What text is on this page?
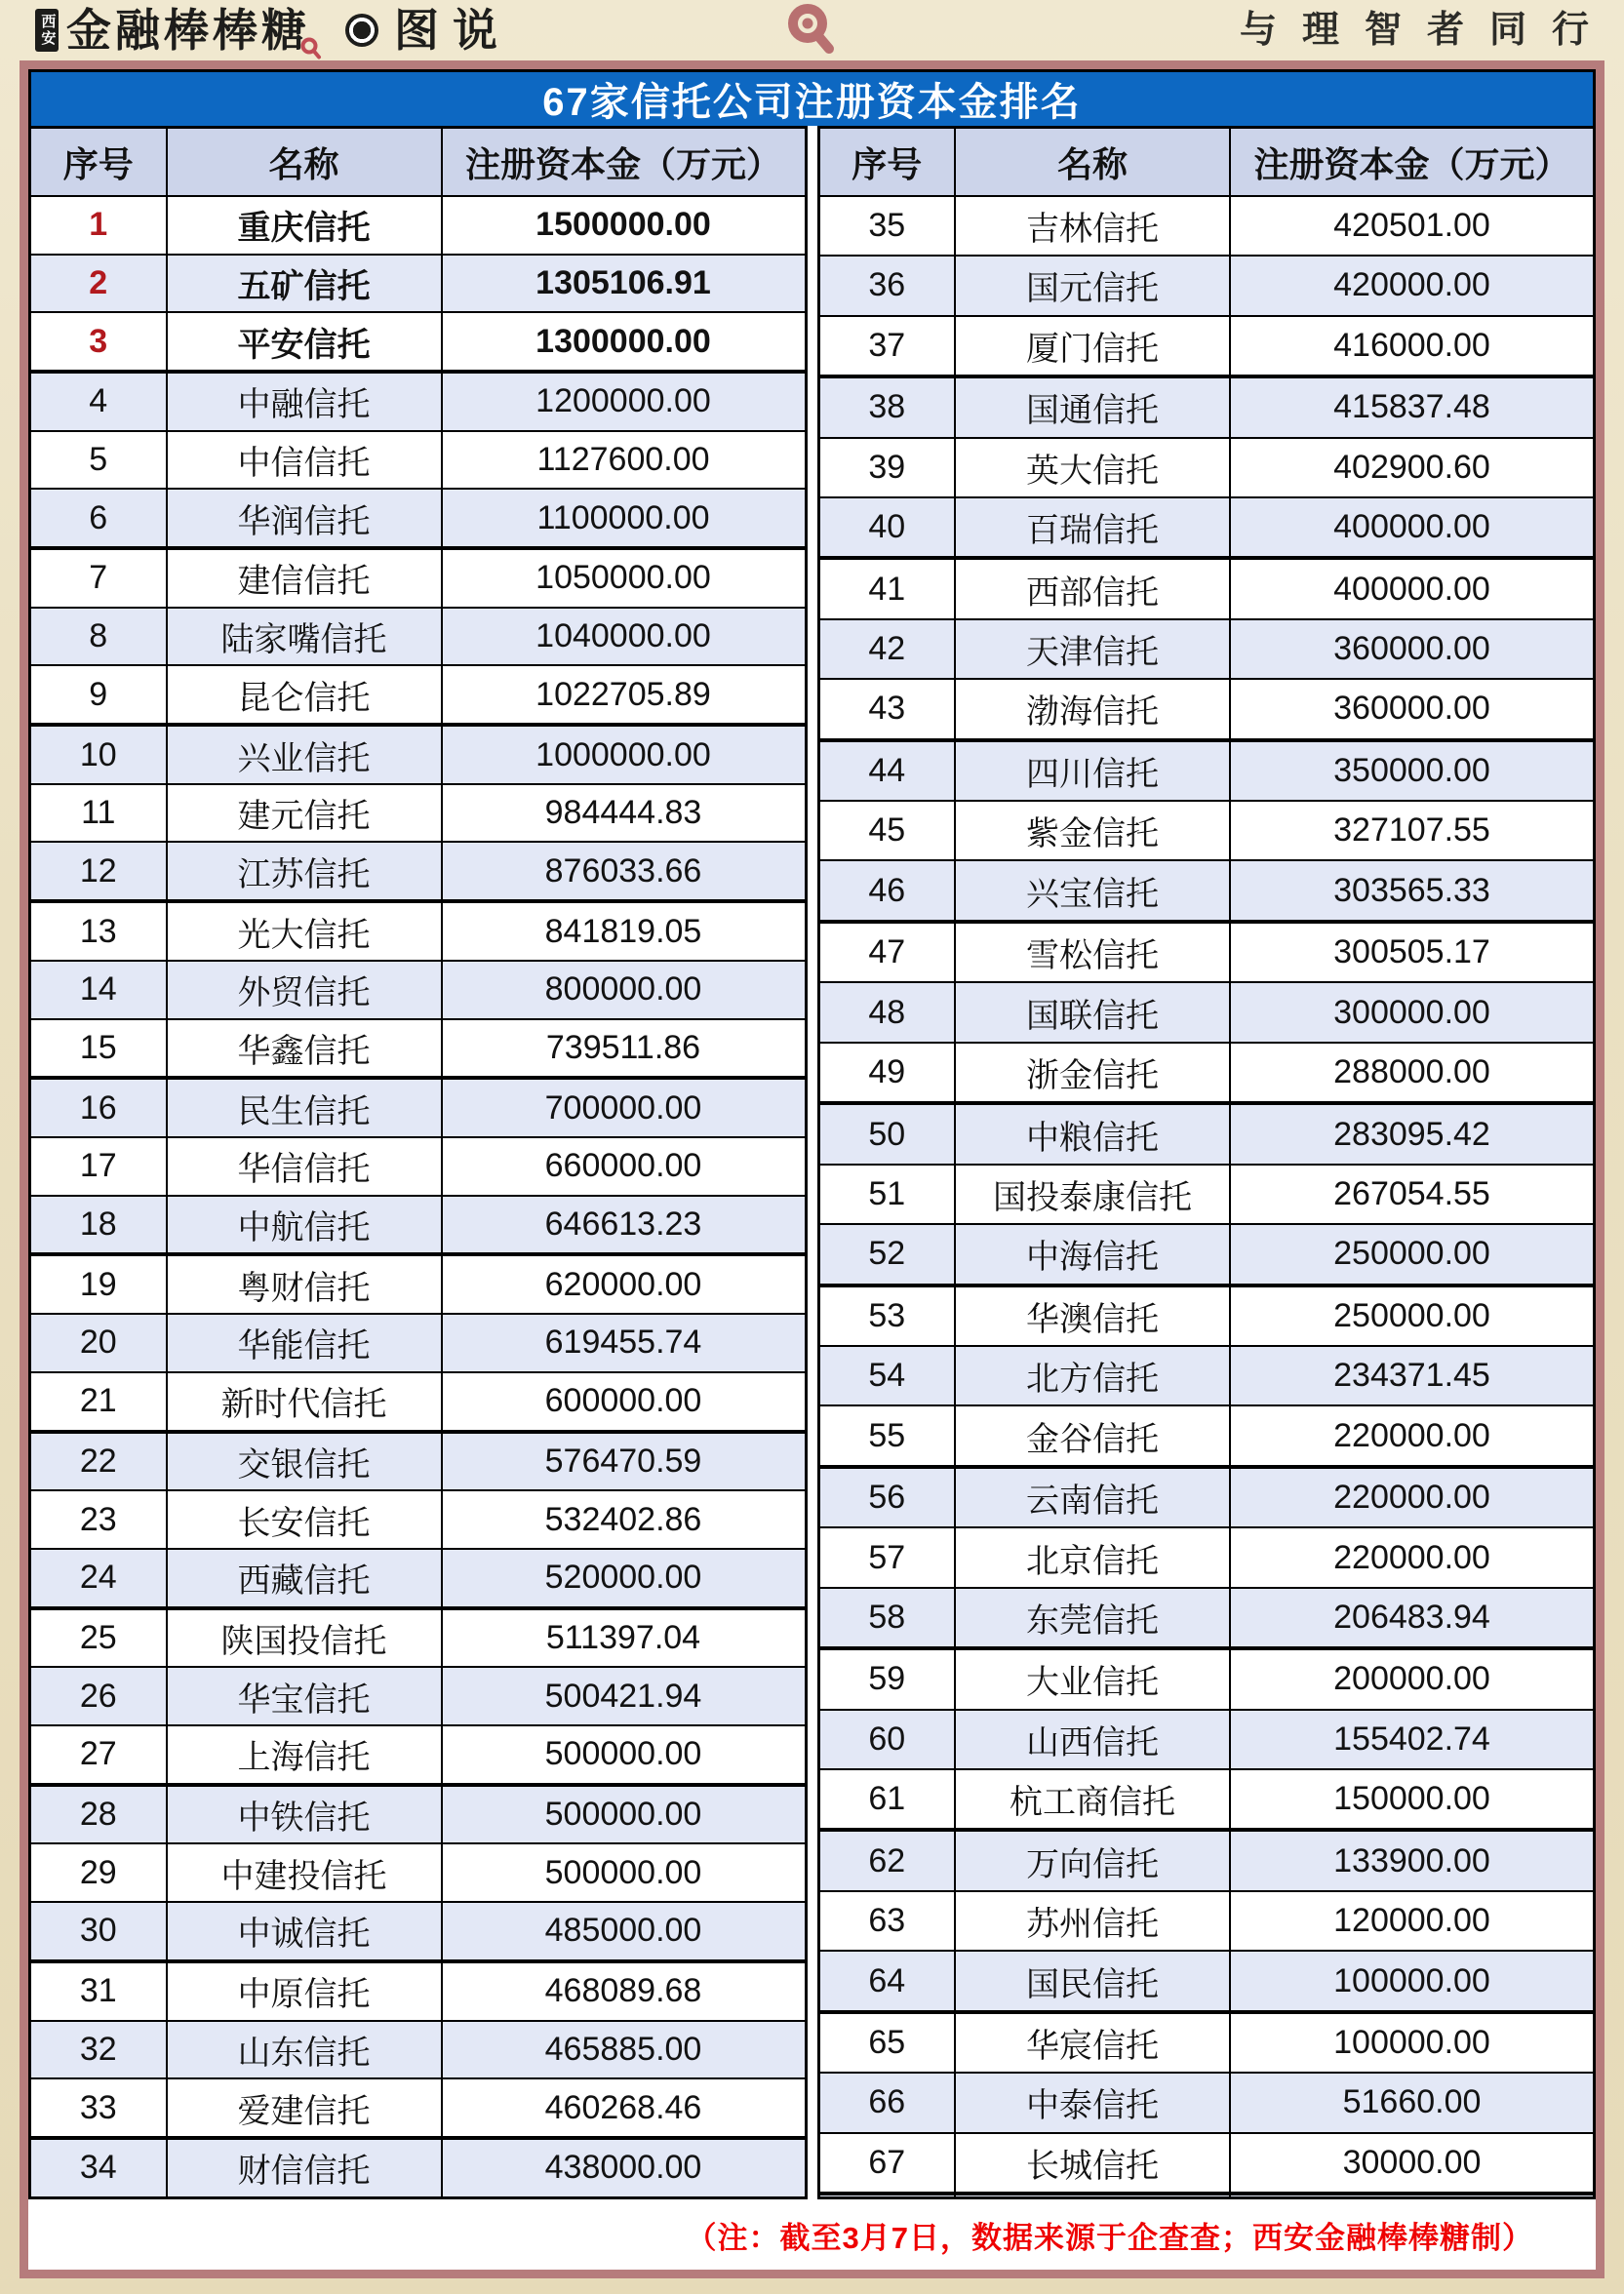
西安 金融棒棒糖	图说	与理智者同行
67家信托公司注册资本金排名
序号	名称	注册资本金（万元）
1	重庆信托	1500000.00
2	五矿信托	1305106.91
3	平安信托	1300000.00
4	中融信托	1200000.00
5	中信信托	1127600.00
6	华润信托	1100000.00
7	建信信托	1050000.00
8	陆家嘴信托	1040000.00
9	昆仑信托	1022705.89
10	兴业信托	1000000.00
11	建元信托	984444.83
12	江苏信托	876033.66
13	光大信托	841819.05
14	外贸信托	800000.00
15	华鑫信托	739511.86
16	民生信托	700000.00
17	华信信托	660000.00
18	中航信托	646613.23
19	粤财信托	620000.00
20	华能信托	619455.74
21	新时代信托	600000.00
22	交银信托	576470.59
23	长安信托	532402.86
24	西藏信托	520000.00
25	陕国投信托	511397.04
26	华宝信托	500421.94
27	上海信托	500000.00
28	中铁信托	500000.00
29	中建投信托	500000.00
30	中诚信托	485000.00
31	中原信托	468089.68
32	山东信托	465885.00
33	爱建信托	460268.46
34	财信信托	438000.00
序号	名称	注册资本金（万元）
35	吉林信托	420501.00
36	国元信托	420000.00
37	厦门信托	416000.00
38	国通信托	415837.48
39	英大信托	402900.60
40	百瑞信托	400000.00
41	西部信托	400000.00
42	天津信托	360000.00
43	渤海信托	360000.00
44	四川信托	350000.00
45	紫金信托	327107.55
46	兴宝信托	303565.33
47	雪松信托	300505.17
48	国联信托	300000.00
49	浙金信托	288000.00
50	中粮信托	283095.42
51	国投泰康信托	267054.55
52	中海信托	250000.00
53	华澳信托	250000.00
54	北方信托	234371.45
55	金谷信托	220000.00
56	云南信托	220000.00
57	北京信托	220000.00
58	东莞信托	206483.94
59	大业信托	200000.00
60	山西信托	155402.74
61	杭工商信托	150000.00
62	万向信托	133900.00
63	苏州信托	120000.00
64	国民信托	100000.00
65	华宸信托	100000.00
66	中泰信托	51660.00
67	长城信托	30000.00

（注：截至3月7日，数据来源于企查查；西安金融棒棒糖制）
